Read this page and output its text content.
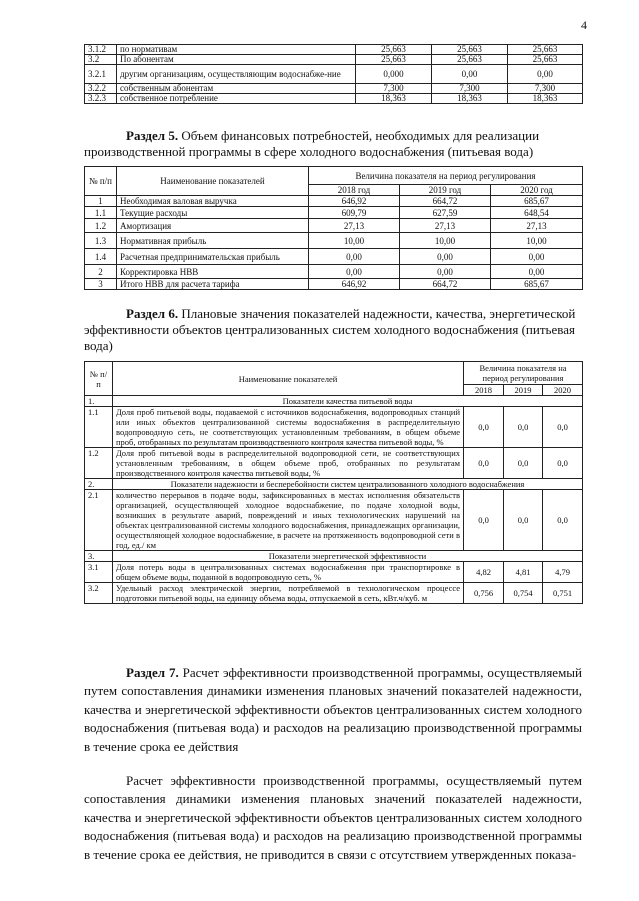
4
3.1.2	по нормативам	25,663	25,663	25,663
3.2	По абонентам	25,663	25,663	25,663
3.2.1	другим организациям, осуществляющим водоснабже-ние	0,000	0,00	0,00
3.2.2	собственным абонентам	7,300	7,300	7,300
3.2.3	собственное потребление	18,363	18,363	18,363
Раздел 5. Объем финансовых потребностей, необходимых для реализации производственной программы в сфере холодного водоснабжения (питьевая вода)
№ п/п	Наименование показателей	Величина показателя на период регулирования		
		2018 год	2019 год	2020 год
1	Необходимая валовая выручка	646,92	664,72	685,67
1.1	Текущие расходы	609,79	627,59	648,54
1.2	Амортизация	27,13	27,13	27,13
1.3	Нормативная прибыль	10,00	10,00	10,00
1.4	Расчетная предпринимательская прибыль	0,00	0,00	0,00
2	Корректировка НВВ	0,00	0,00	0,00
3	Итого НВВ для расчета тарифа	646,92	664,72	685,67
Раздел 6. Плановые значения показателей надежности, качества, энергетической эффективности объектов централизованных систем холодного водоснабжения (питьевая вода)
№ п/п	Наименование показателей	Величина показателя на период регулирования		
		2018	2019	2020
1.	Показатели качества питьевой воды			
1.1	Доля проб питьевой воды, подаваемой с источников водоснабжения, водопроводных станций или иных объектов централизованной системы водоснабжения в распределительную водопроводную сеть, не соответствующих установленным требованиям, в общем объеме проб, отобранных по результатам производственного контроля качества питьевой воды, %	0,0	0,0	0,0
1.2	Доля проб питьевой воды в распределительной водопроводной сети, не соответствующих установленным требованиям, в общем объеме проб, отобранных по результатам производственного контроля качества питьевой воды, %	0,0	0,0	0,0
2.	Показатели надежности и бесперебойности систем централизованного холодного водоснабжения			
2.1	количество перерывов в подаче воды, зафиксированных в местах исполнения обязательств организацией, осуществляющей холодное водоснабжение, по подаче холодной воды, возникших в результате аварий, повреждений и иных технологических нарушений на объектах централизованной системы холодного водоснабжения, принадлежащих организации, осуществляющей холодное водоснабжение, в расчете на протяженность водопроводной сети в год, ед./ км	0,0	0,0	0,0
3.	Показатели энергетической эффективности			
3.1	Доля потерь воды в централизованных системах водоснабжения при транспортировке в общем объеме воды, поданной в водопроводную сеть, %	4,82	4,81	4,79
3.2	Удельный расход электрической энергии, потребляемой в технологическом процессе подготовки питьевой воды, на единицу объема воды, отпускаемой в сеть, кВт.ч/куб. м	0,756	0,754	0,751
Раздел 7. Расчет эффективности производственной программы, осуществляемый путем сопоставления динамики изменения плановых значений показателей надежности, качества и энергетической эффективности объектов централизованных систем холодного водоснабжения (питьевая вода) и расходов на реализацию производственной программы в течение срока ее действия
Расчет эффективности производственной программы, осуществляемый путем сопоставления динамики изменения плановых значений показателей надежности, качества и энергетической эффективности объектов централизованных систем холодного водоснабжения (питьевая вода) и расходов на реализацию производственной программы в течение срока ее действия, не приводится в связи с отсутствием утвержденных показа-
